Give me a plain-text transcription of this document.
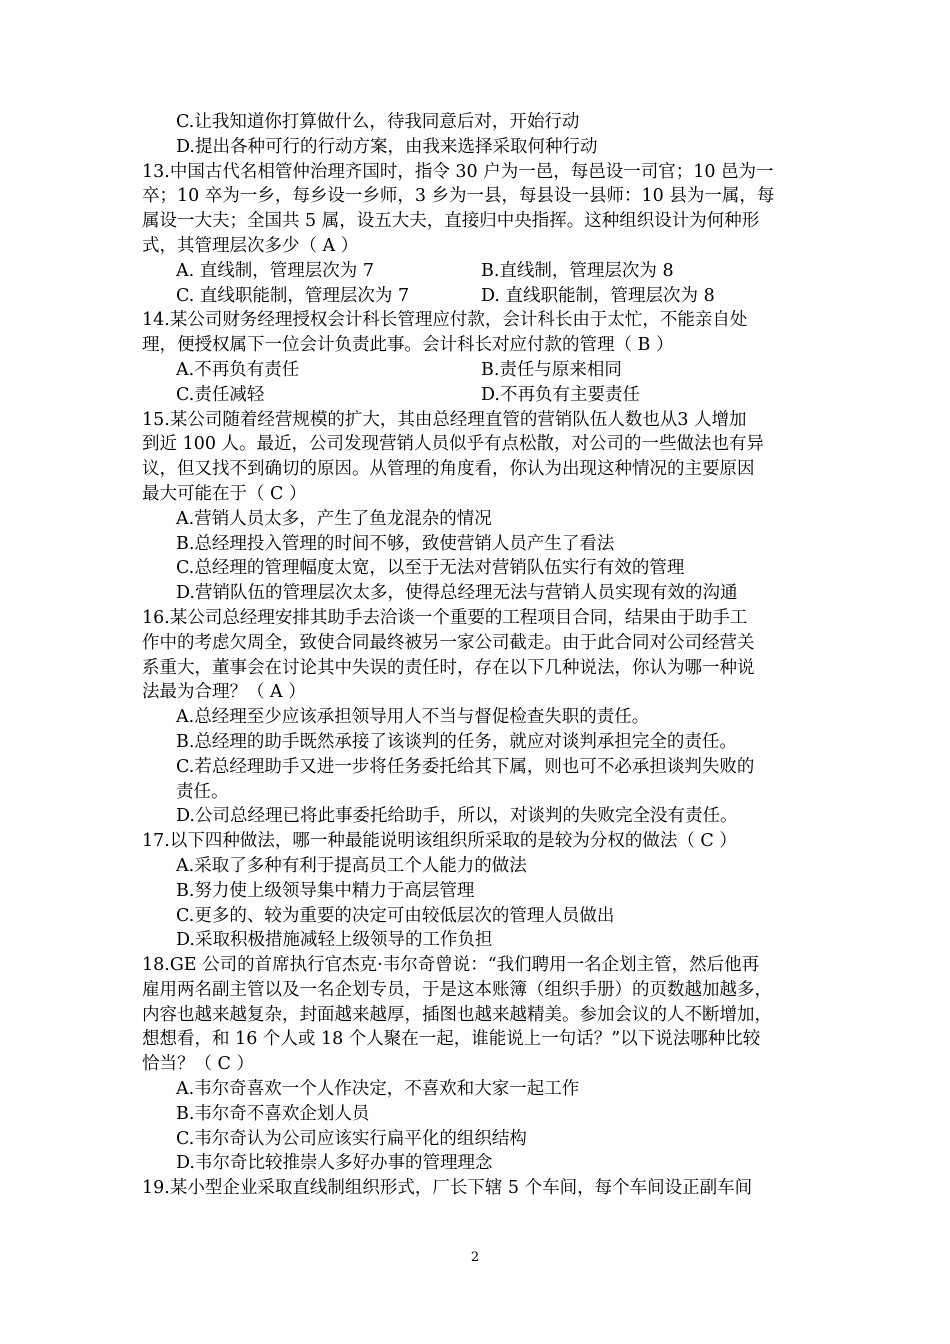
C.让我知道你打算做什么，待我同意后对，开始行动
D.提出各种可行的行动方案，由我来选择采取何种行动
13.中国古代名相管仲治理齐国时，指令 30 户为一邑，每邑设一司官；10 邑为一
卒；10 卒为一乡，每乡设一乡师，3 乡为一县，每县设一县师：10 县为一属，每
属设一大夫；全国共 5 属，设五大夫，直接归中央指挥。这种组织设计为何种形
式，其管理层次多少（ A ）
A. 直线制，管理层次为 7	B.直线制，管理层次为 8
C. 直线职能制，管理层次为 7	D. 直线职能制，管理层次为 8
14.某公司财务经理授权会计科长管理应付款，会计科长由于太忙，不能亲自处
理，便授权属下一位会计负责此事。会计科长对应付款的管理（ B ）
A.不再负有责任	B.责任与原来相同
C.责任减轻	D.不再负有主要责任
15.某公司随着经营规模的扩大，其由总经理直管的营销队伍人数也从3 人增加
到近 100 人。最近，公司发现营销人员似乎有点松散，对公司的一些做法也有异
议，但又找不到确切的原因。从管理的角度看，你认为出现这种情况的主要原因
最大可能在于（ C ）
A.营销人员太多，产生了鱼龙混杂的情况
B.总经理投入管理的时间不够，致使营销人员产生了看法
C.总经理的管理幅度太宽，以至于无法对营销队伍实行有效的管理
D.营销队伍的管理层次太多，使得总经理无法与营销人员实现有效的沟通
16.某公司总经理安排其助手去洽谈一个重要的工程项目合同，结果由于助手工
作中的考虑欠周全，致使合同最终被另一家公司截走。由于此合同对公司经营关
系重大，董事会在讨论其中失误的责任时，存在以下几种说法，你认为哪一种说
法最为合理？（ A ）
A.总经理至少应该承担领导用人不当与督促检查失职的责任。
B.总经理的助手既然承接了该谈判的任务，就应对谈判承担完全的责任。
C.若总经理助手又进一步将任务委托给其下属，则也可不必承担谈判失败的
责任。
D.公司总经理已将此事委托给助手，所以，对谈判的失败完全没有责任。
17.以下四种做法，哪一种最能说明该组织所采取的是较为分权的做法（ C ）
A.采取了多种有利于提高员工个人能力的做法
B.努力使上级领导集中精力于高层管理
C.更多的、较为重要的决定可由较低层次的管理人员做出
D.采取积极措施减轻上级领导的工作负担
18.GE 公司的首席执行官杰克·韦尔奇曾说：“我们聘用一名企划主管，然后他再
雇用两名副主管以及一名企划专员，于是这本账簿（组织手册）的页数越加越多，
内容也越来越复杂，封面越来越厚，插图也越来越精美。参加会议的人不断增加，
想想看，和 16 个人或 18 个人聚在一起，谁能说上一句话？”以下说法哪种比较
恰当？（ C ）
A.韦尔奇喜欢一个人作决定，不喜欢和大家一起工作
B.韦尔奇不喜欢企划人员
C.韦尔奇认为公司应该实行扁平化的组织结构
D.韦尔奇比较推崇人多好办事的管理理念
19.某小型企业采取直线制组织形式，厂长下辖 5 个车间，每个车间设正副车间
2
